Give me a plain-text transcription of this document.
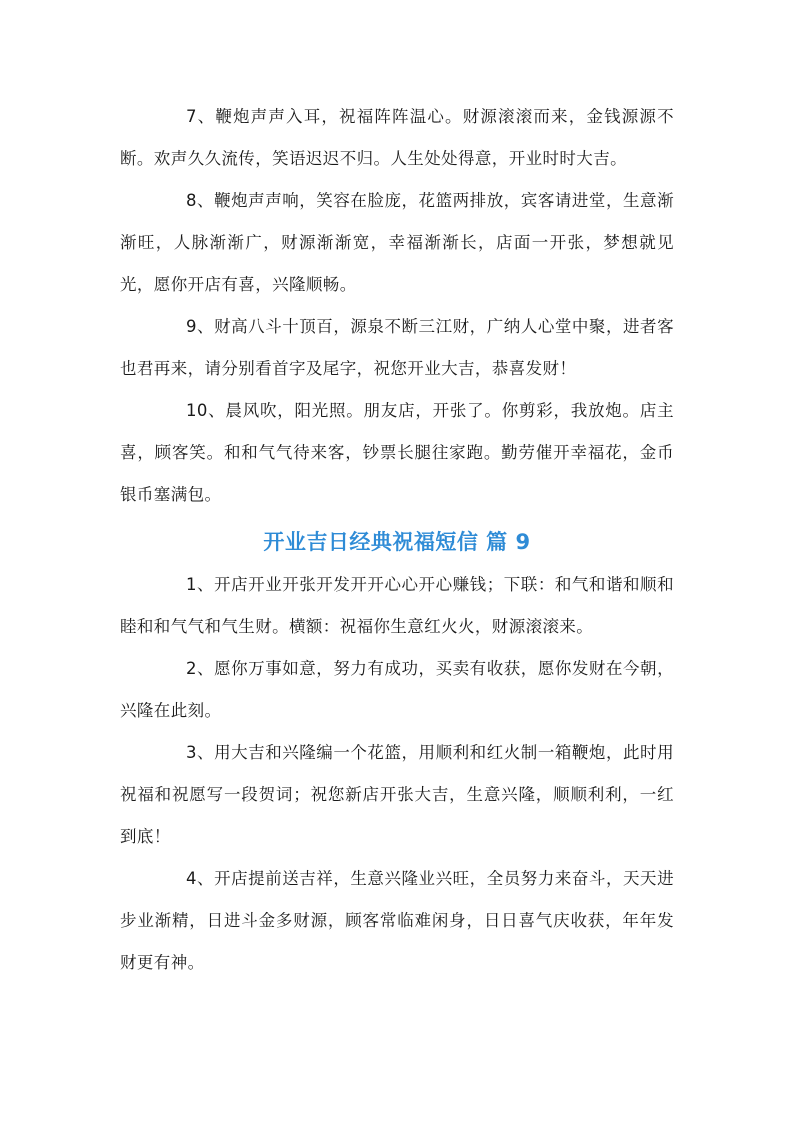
7、鞭炮声声入耳，祝福阵阵温心。财源滚滚而来，金钱源源不断。欢声久久流传，笑语迟迟不归。人生处处得意，开业时时大吉。

8、鞭炮声声响，笑容在脸庞，花篮两排放，宾客请进堂，生意渐渐旺，人脉渐渐广，财源渐渐宽，幸福渐渐长，店面一开张，梦想就见光，愿你开店有喜，兴隆顺畅。

9、财高八斗十顶百，源泉不断三江财，广纳人心堂中聚，进者客也君再来，请分别看首字及尾字，祝您开业大吉，恭喜发财！

10、晨风吹，阳光照。朋友店，开张了。你剪彩，我放炮。店主喜，顾客笑。和和气气待来客，钞票长腿往家跑。勤劳催开幸福花，金币银币塞满包。

开业吉日经典祝福短信 篇 9

1、开店开业开张开发开开心心开心赚钱；下联：和气和谐和顺和睦和和气气和气生财。横额：祝福你生意红火火，财源滚滚来。

2、愿你万事如意，努力有成功，买卖有收获，愿你发财在今朝，兴隆在此刻。

3、用大吉和兴隆编一个花篮，用顺利和红火制一箱鞭炮，此时用祝福和祝愿写一段贺词；祝您新店开张大吉，生意兴隆，顺顺利利，一红到底！

4、开店提前送吉祥，生意兴隆业兴旺，全员努力来奋斗，天天进步业渐精，日进斗金多财源，顾客常临难闲身，日日喜气庆收获，年年发财更有神。
